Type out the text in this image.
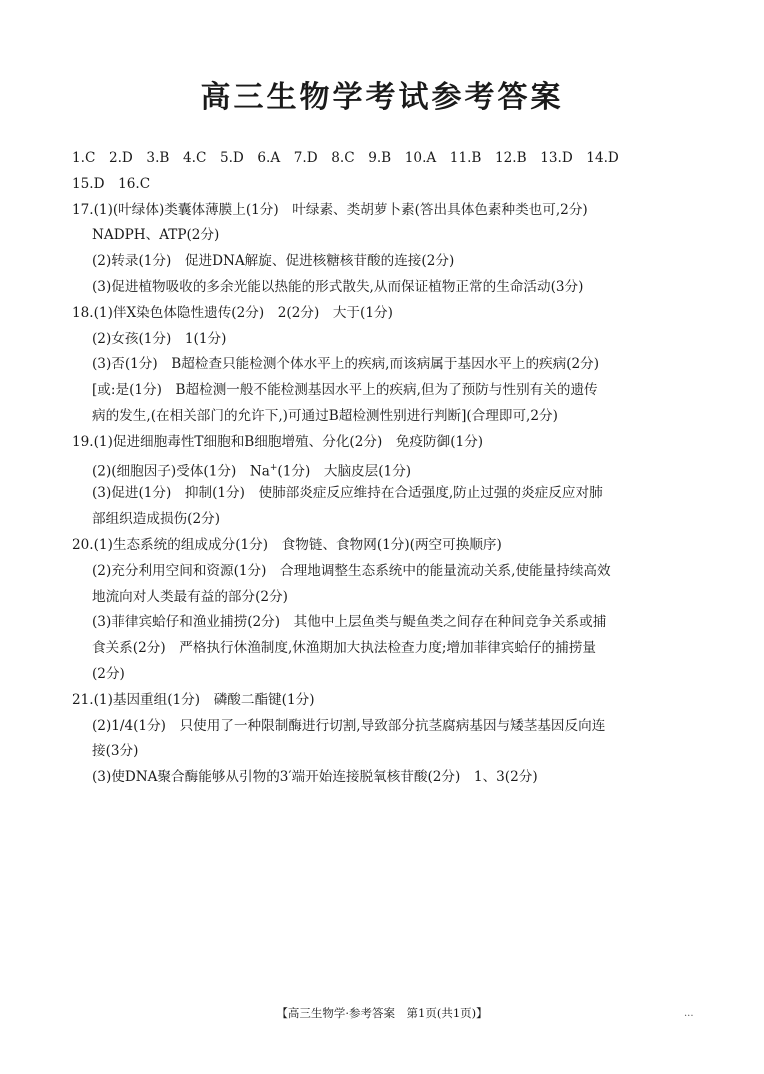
高三生物学考试参考答案
1.C　2.D　3.B　4.C　5.D　6.A　7.D　8.C　9.B　10.A　11.B　12.B　13.D　14.D
15.D　16.C
17.(1)(叶绿体)类囊体薄膜上(1分)　叶绿素、类胡萝卜素(答出具体色素种类也可,2分)
NADPH、ATP(2分)
(2)转录(1分)　促进DNA解旋、促进核糖核苷酸的连接(2分)
(3)促进植物吸收的多余光能以热能的形式散失,从而保证植物正常的生命活动(3分)
18.(1)伴X染色体隐性遗传(2分)　2(2分)　大于(1分)
(2)女孩(1分)　1(1分)
(3)否(1分)　B超检查只能检测个体水平上的疾病,而该病属于基因水平上的疾病(2分)
[或:是(1分)　B超检测一般不能检测基因水平上的疾病,但为了预防与性别有关的遗传
病的发生,(在相关部门的允许下,)可通过B超检测性别进行判断](合理即可,2分)
19.(1)促进细胞毒性T细胞和B细胞增殖、分化(2分)　免疫防御(1分)
(2)(细胞因子)受体(1分)　Na+(1分)　大脑皮层(1分)
(3)促进(1分)　抑制(1分)　使肺部炎症反应维持在合适强度,防止过强的炎症反应对肺
部组织造成损伤(2分)
20.(1)生态系统的组成成分(1分)　食物链、食物网(1分)(两空可换顺序)
(2)充分利用空间和资源(1分)　合理地调整生态系统中的能量流动关系,使能量持续高效
地流向对人类最有益的部分(2分)
(3)菲律宾蛤仔和渔业捕捞(2分)　其他中上层鱼类与鳀鱼类之间存在种间竞争关系或捕
食关系(2分)　严格执行休渔制度,休渔期加大执法检查力度;增加菲律宾蛤仔的捕捞量
(2分)
21.(1)基因重组(1分)　磷酸二酯键(1分)
(2)1/4(1分)　只使用了一种限制酶进行切割,导致部分抗茎腐病基因与矮茎基因反向连
接(3分)
(3)使DNA聚合酶能够从引物的3′端开始连接脱氧核苷酸(2分)　1、3(2分)
【高三生物学·参考答案　第1页(共1页)】	...
